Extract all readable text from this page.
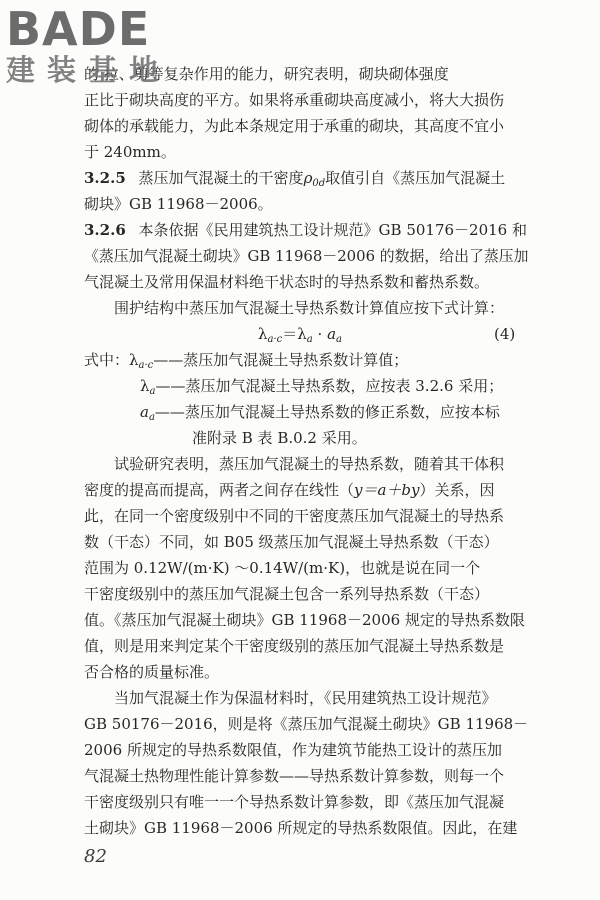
BADE
建装基地
的 拉、剪等复杂作用的能力，研究表明，砌块砌体强度
正比于砌块高度的平方。如果将承重砌块高度减小，将大大损伤
砌体的承载能力，为此本条规定用于承重的砌块，其高度不宜小
于 240mm。
3.2.5 蒸压加气混凝土的干密度$\rho_{0d}$取值引自《蒸压加气混凝土
砌块》GB 11968－2006。
3.2.6 本条依据《民用建筑热工设计规范》GB 50176－2016 和
《蒸压加气混凝土砌块》GB 11968－2006 的数据，给出了蒸压加
气混凝土及常用保温材料绝干状态时的导热系数和蓄热系数。
围护结构中蒸压加气混凝土导热系数计算值应按下式计算：
$\lambda_{a\cdot c}=\lambda_a \cdot a_a$	(4)
式中：$\lambda_{a\cdot c}——$蒸压加气混凝土导热系数计算值；
$\lambda_a——$蒸压加气混凝土导热系数，应按表 3.2.6 采用；
$a_a——$蒸压加气混凝土导热系数的修正系数，应按本标
准附录 B 表 B.0.2 采用。
试验研究表明，蒸压加气混凝土的导热系数，随着其干体积
密度的提高而提高，两者之间存在线性（y＝a＋by）关系，因
此，在同一个密度级别中不同的干密度蒸压加气混凝土的导热系
数（干态）不同，如 B05 级蒸压加气混凝土导热系数（干态）
范围为 0.12W/(m·K) ～0.14W/(m·K)，也就是说在同一个
干密度级别中的蒸压加气混凝土包含一系列导热系数（干态）
值。《蒸压加气混凝土砌块》GB 11968－2006 规定的导热系数限
值，则是用来判定某个干密度级别的蒸压加气混凝土导热系数是
否合格的质量标准。
当加气混凝土作为保温材料时，《民用建筑热工设计规范》
GB 50176－2016，则是将《蒸压加气混凝土砌块》GB 11968－
2006 所规定的导热系数限值，作为建筑节能热工设计的蒸压加
气混凝土热物理性能计算参数——导热系数计算参数，则每一个
干密度级别只有唯一一个导热系数计算参数，即《蒸压加气混凝
土砌块》GB 11968－2006 所规定的导热系数限值。因此，在建
82
